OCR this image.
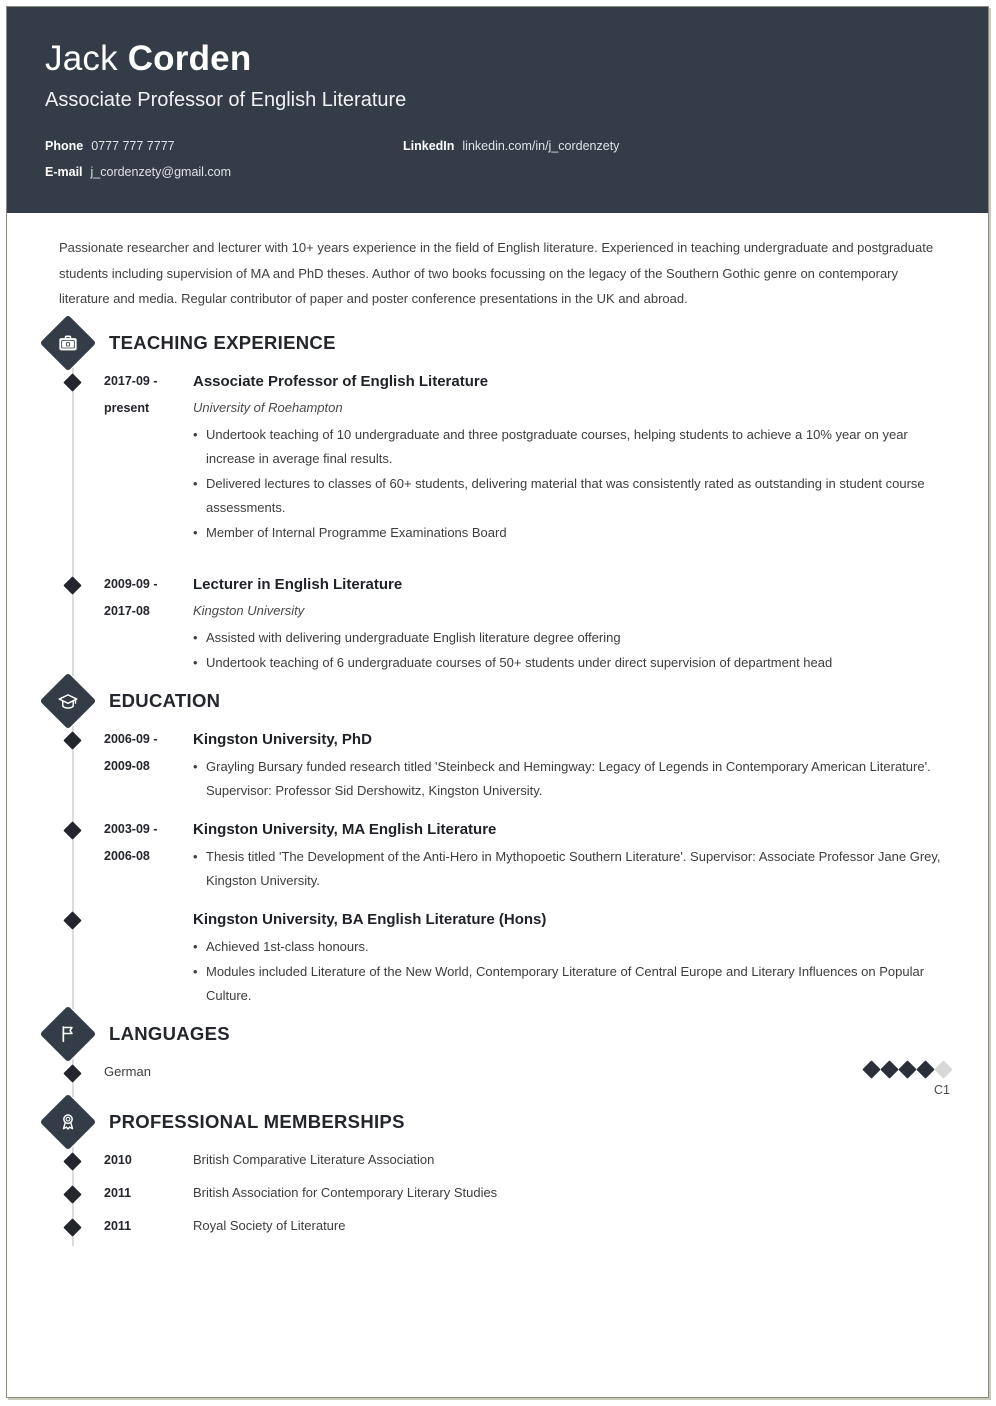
Jack Corden
Associate Professor of English Literature
Phone 0777 777 7777	LinkedIn linkedin.com/in/j_cordenzety
E-mail j_cordenzety@gmail.com
Passionate researcher and lecturer with 10+ years experience in the field of English literature. Experienced in teaching undergraduate and postgraduate students including supervision of MA and PhD theses. Author of two books focussing on the legacy of the Southern Gothic genre on contemporary literature and media. Regular contributor of paper and poster conference presentations in the UK and abroad.
TEACHING EXPERIENCE
2017-09 -
present
Associate Professor of English Literature
University of Roehampton
• Undertook teaching of 10 undergraduate and three postgraduate courses, helping students to achieve a 10% year on year increase in average final results.
• Delivered lectures to classes of 60+ students, delivering material that was consistently rated as outstanding in student course assessments.
• Member of Internal Programme Examinations Board
2009-09 -
2017-08
Lecturer in English Literature
Kingston University
• Assisted with delivering undergraduate English literature degree offering
• Undertook teaching of 6 undergraduate courses of 50+ students under direct supervision of department head
EDUCATION
2006-09 -
2009-08
Kingston University, PhD
• Grayling Bursary funded research titled 'Steinbeck and Hemingway: Legacy of Legends in Contemporary American Literature'. Supervisor: Professor Sid Dershowitz, Kingston University.
2003-09 -
2006-08
Kingston University, MA English Literature
• Thesis titled 'The Development of the Anti-Hero in Mythopoetic Southern Literature'. Supervisor: Associate Professor Jane Grey, Kingston University.
Kingston University, BA English Literature (Hons)
• Achieved 1st-class honours.
• Modules included Literature of the New World, Contemporary Literature of Central Europe and Literary Influences on Popular Culture.
LANGUAGES
German
C1
PROFESSIONAL MEMBERSHIPS
2010	British Comparative Literature Association
2011	British Association for Contemporary Literary Studies
2011	Royal Society of Literature
